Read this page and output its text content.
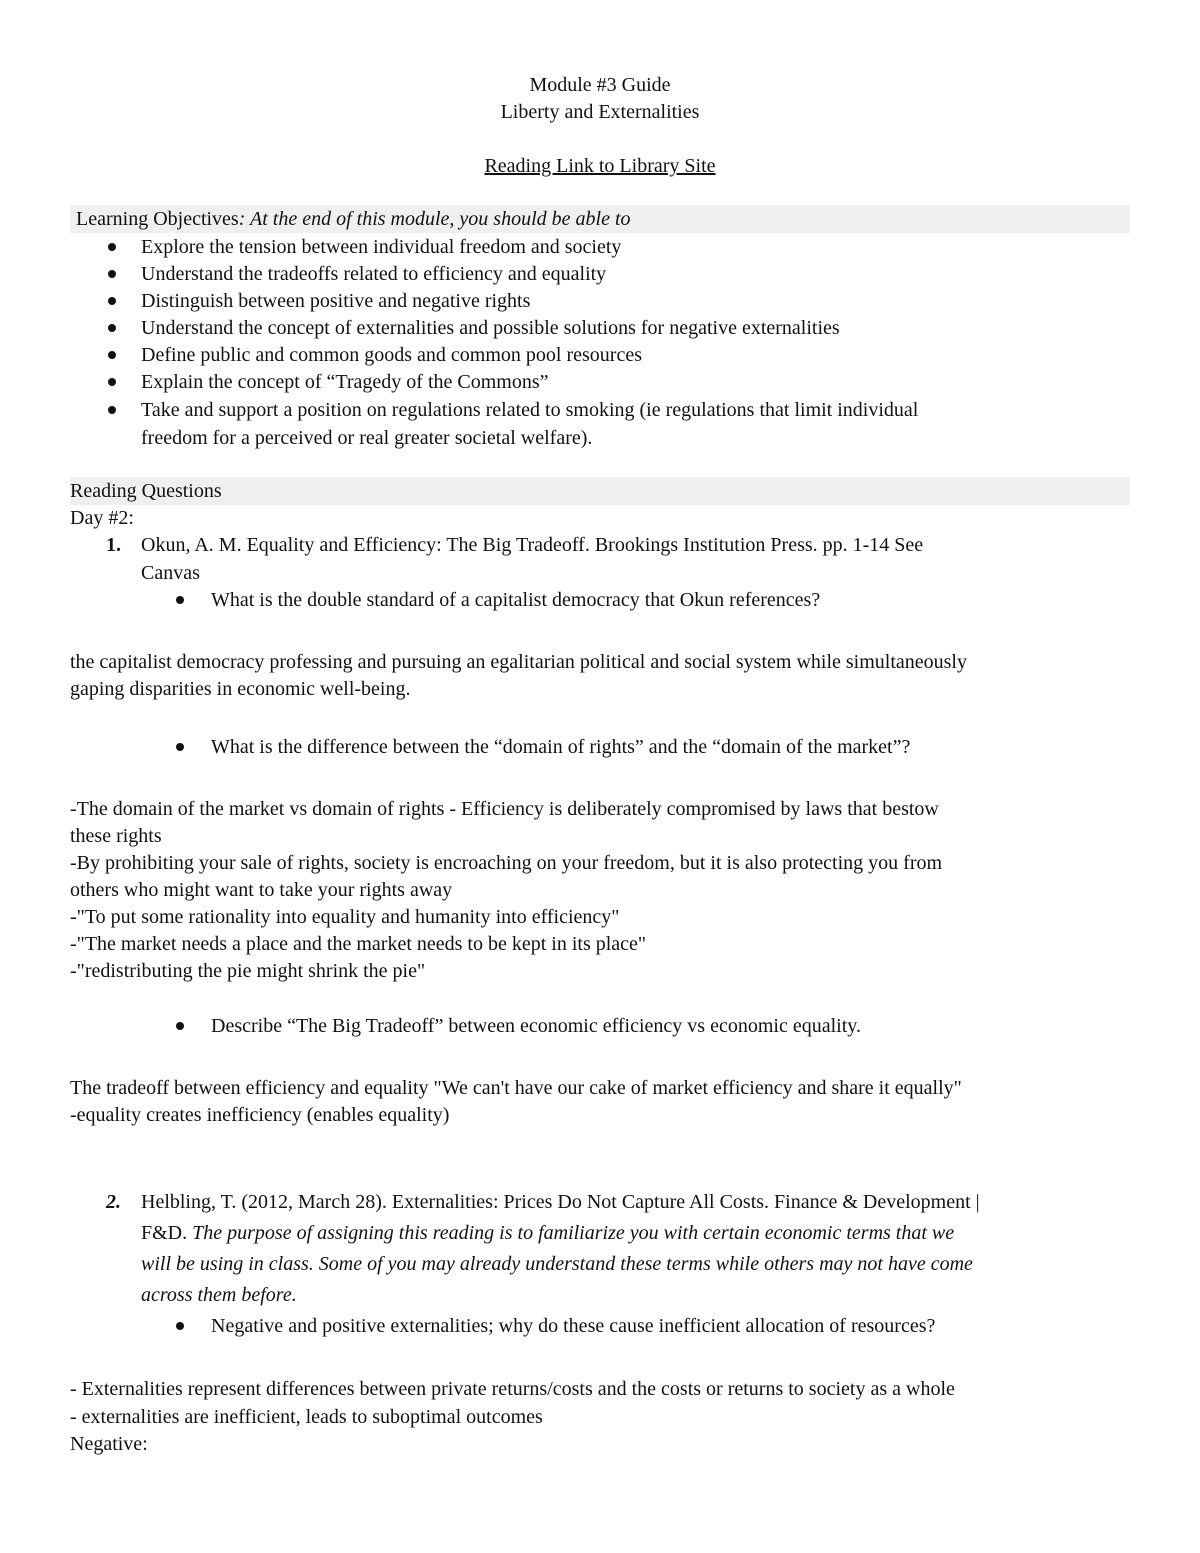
Module #3 Guide
Liberty and Externalities
Reading Link to Library Site
Learning Objectives: At the end of this module, you should be able to
Explore the tension between individual freedom and society
Understand the tradeoffs related to efficiency and equality
Distinguish between positive and negative rights
Understand the concept of externalities and possible solutions for negative externalities
Define public and common goods and common pool resources
Explain the concept of “Tragedy of the Commons”
Take and support a position on regulations related to smoking (ie regulations that limit individual
freedom for a perceived or real greater societal welfare).
Reading Questions
Day #2:
1. Okun, A. M. Equality and Efficiency: The Big Tradeoff. Brookings Institution Press. pp. 1-14 See
Canvas
What is the double standard of a capitalist democracy that Okun references?
the capitalist democracy professing and pursuing an egalitarian political and social system while simultaneously
gaping disparities in economic well-being.
What is the difference between the “domain of rights” and the “domain of the market”?
-The domain of the market vs domain of rights - Efficiency is deliberately compromised by laws that bestow
these rights
-By prohibiting your sale of rights, society is encroaching on your freedom, but it is also protecting you from
others who might want to take your rights away
-"To put some rationality into equality and humanity into efficiency"
-"The market needs a place and the market needs to be kept in its place"
-"redistributing the pie might shrink the pie"
Describe “The Big Tradeoff” between economic efficiency vs economic equality.
The tradeoff between efficiency and equality "We can't have our cake of market efficiency and share it equally"
-equality creates inefficiency (enables equality)
2. Helbling, T. (2012, March 28). Externalities: Prices Do Not Capture All Costs. Finance & Development |
F&D. The purpose of assigning this reading is to familiarize you with certain economic terms that we
will be using in class. Some of you may already understand these terms while others may not have come
across them before.
Negative and positive externalities; why do these cause inefficient allocation of resources?
- Externalities represent differences between private returns/costs and the costs or returns to society as a whole
- externalities are inefficient, leads to suboptimal outcomes
Negative:
